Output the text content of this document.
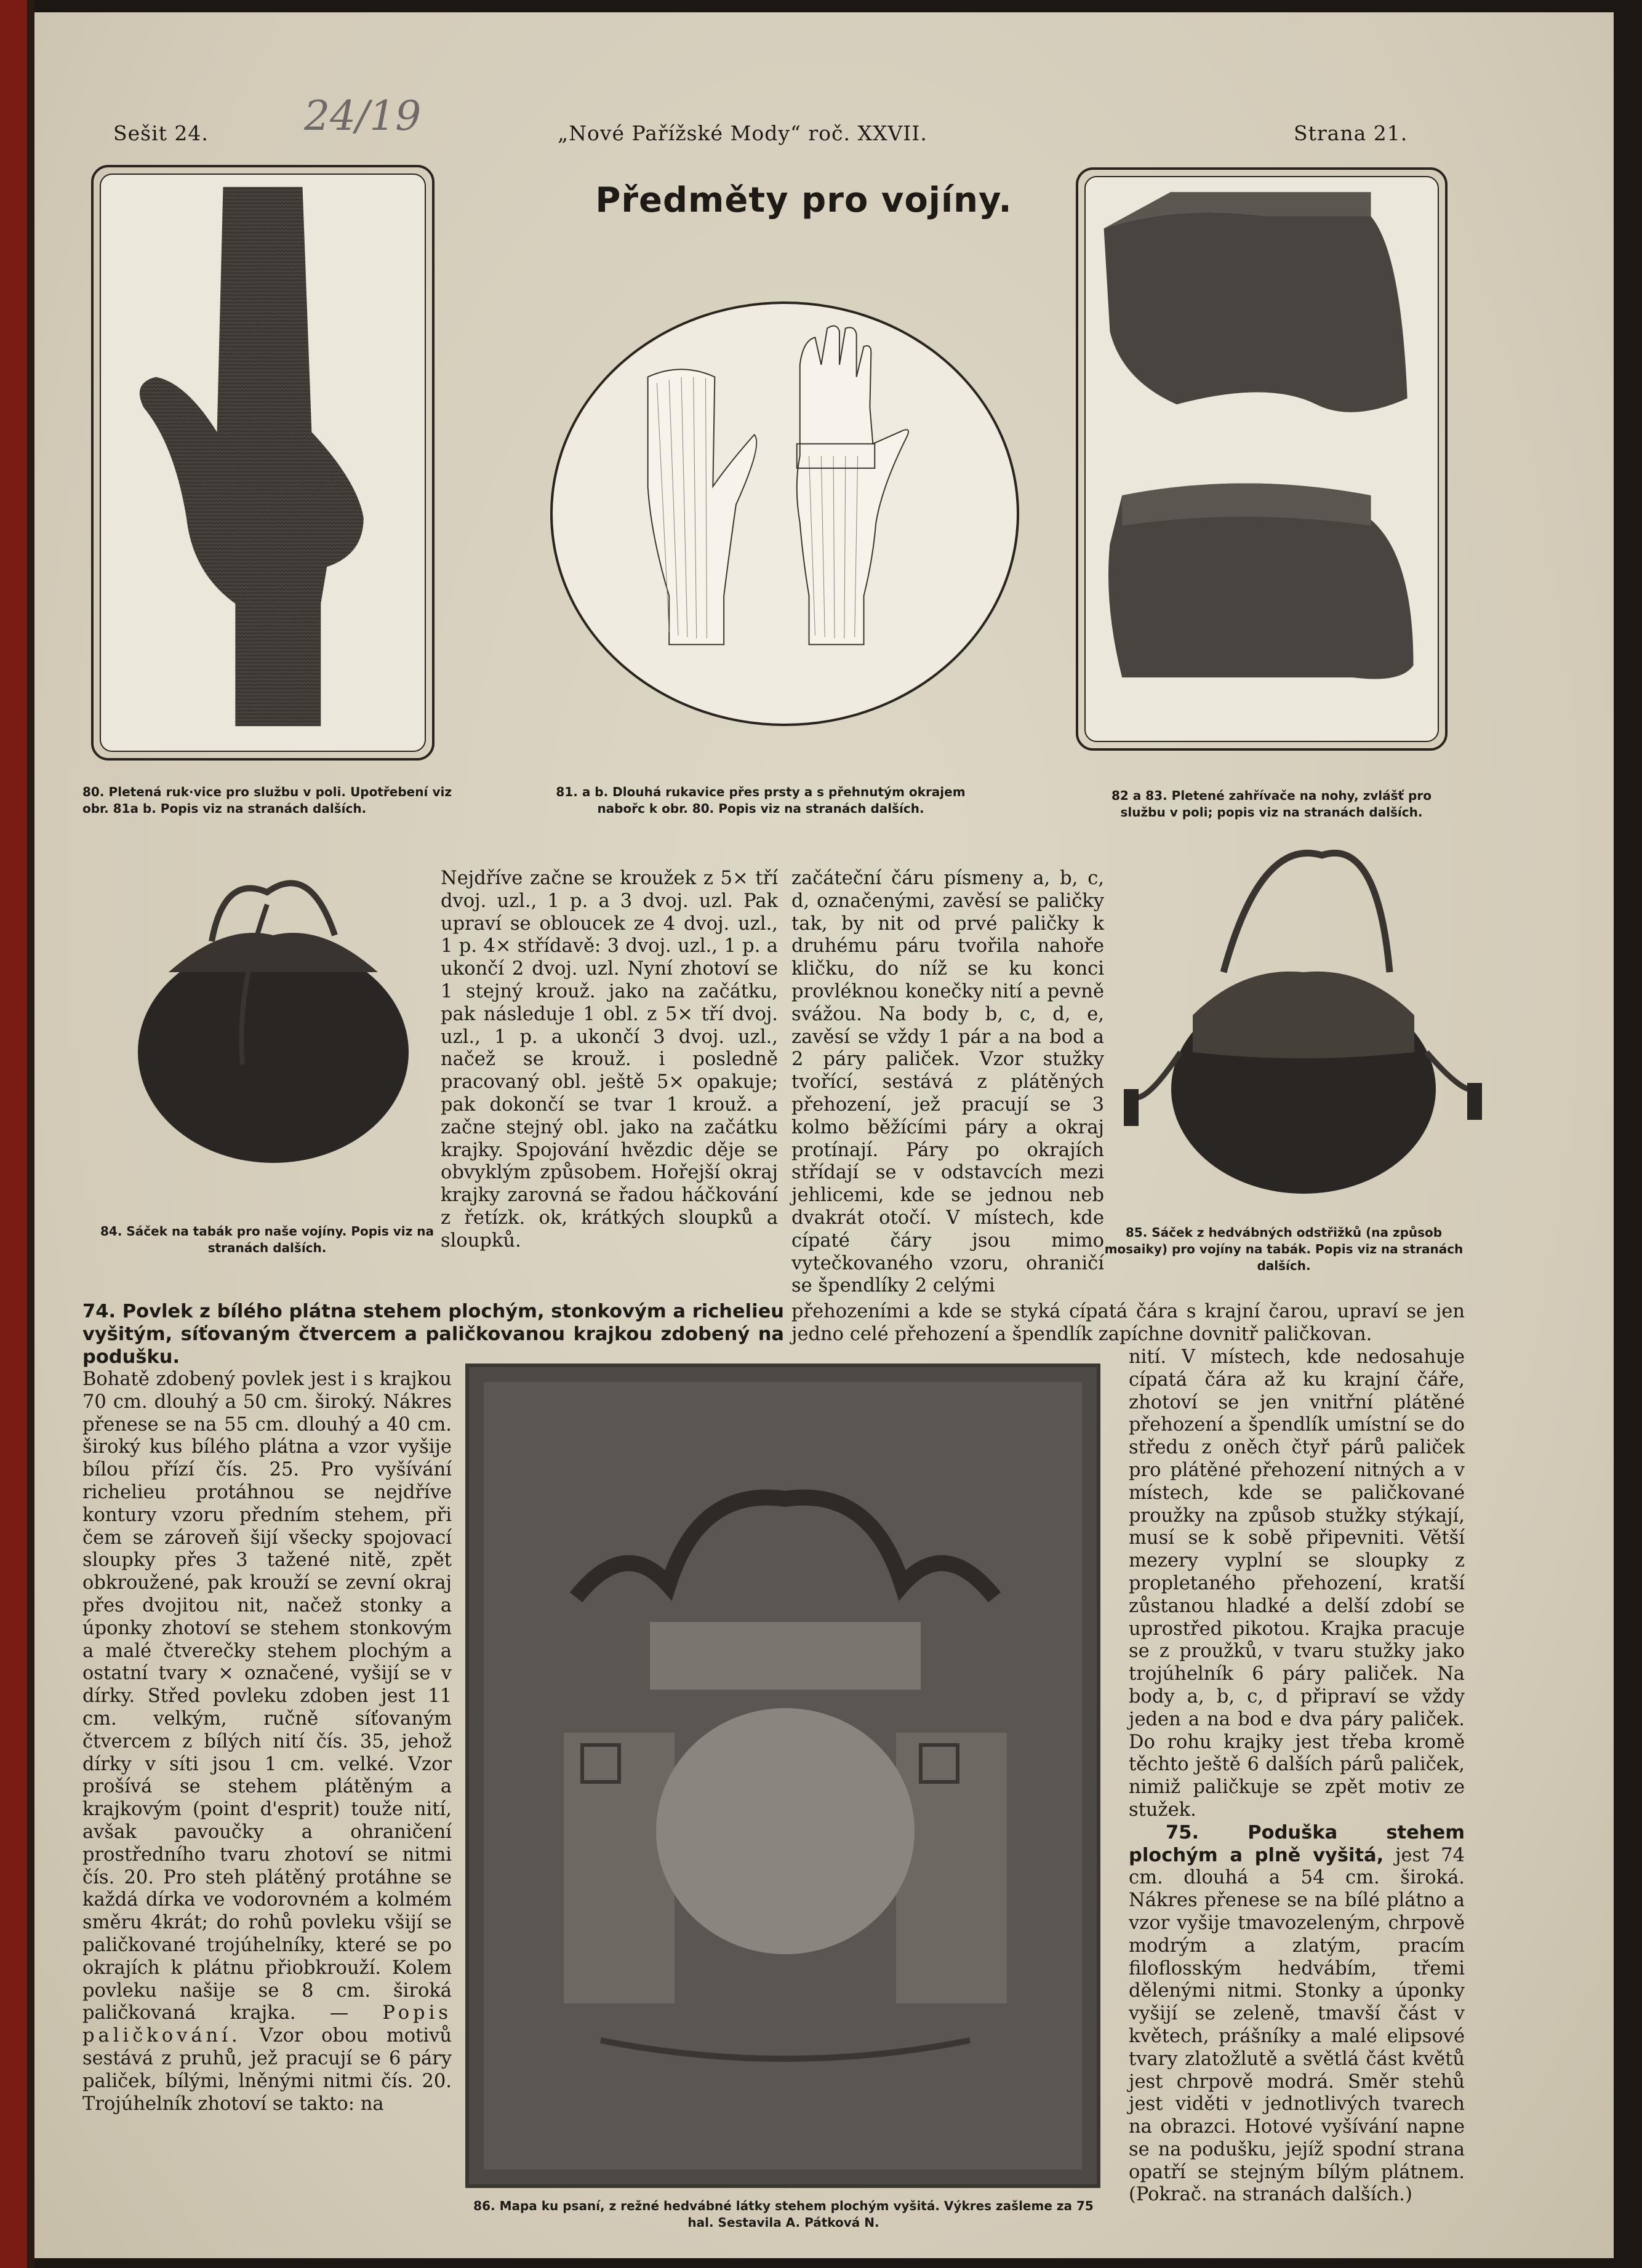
Sešit 24. 24/19	„Nové Pařížské Mody“ roč. XXVII.	Strana 21.
Předměty pro vojíny.
80. Pletená ruk·vice pro službu v poli. Upotřebení viz obr. 81a b. Popis viz na stranách dalších.
81. a b. Dlouhá rukavice přes prsty a s přehnutým okrajem nabořc k obr. 80. Popis viz na stranách dalších.
82 a 83. Pletené zahřívače na nohy, zvlášť pro službu v poli; popis viz na stranách dalších.
84. Sáček na tabák pro naše vojíny. Popis viz na stranách dalších.
85. Sáček z hedvábných odstřižků (na způsob mosaiky) pro vojíny na tabák. Popis viz na stranách dalších.
Nejdříve začne se kroužek z 5× tří dvoj. uzl., 1 p. a 3 dvoj. uzl. Pak upraví se obloucek ze 4 dvoj. uzl., 1 p. 4× střídavě: 3 dvoj. uzl., 1 p. a ukončí 2 dvoj. uzl. Nyní zhotoví se 1 stejný krouž. jako na začátku, pak následuje 1 obl. z 5× tří dvoj. uzl., 1 p. a ukončí 3 dvoj. uzl., načež se krouž. i posledně pracovaný obl. ještě 5× opakuje; pak dokončí se tvar 1 krouž. a začne stejný obl. jako na začátku krajky. Spojování hvězdic děje se obvyklým způsobem. Hořejší okraj krajky zarovná se řadou háčkování z řetízk. ok, krátkých sloupků a sloupků.
začáteční čáru písmeny a, b, c, d, označenými, zavěsí se paličky tak, by nit od prvé paličky k druhému páru tvořila nahoře kličku, do níž se ku konci provléknou konečky nití a pevně svážou. Na body b, c, d, e, zavěsí se vždy 1 pár a na bod a 2 páry paliček. Vzor stužky tvořící, sestává z plátěných přehození, jež pracují se 3 kolmo běžícími páry a okraj protínají. Páry po okrajích střídají se v odstavcích mezi jehlicemi, kde se jednou neb dvakrát otočí. V místech, kde cípaté čáry jsou mimo vytečkovaného vzoru, ohraničí se špendlíky 2 celými
přehozeními a kde se styká cípatá čára s krajní čarou, upraví se jen jedno celé přehození a špendlík zapíchne dovnitř paličkovan.
74. Povlek z bílého plátna stehem plochým, stonkovým a richelieu vyšitým, síťovaným čtvercem a paličkovanou krajkou zdobený na podušku.
Bohatě zdobený povlek jest i s krajkou 70 cm. dlouhý a 50 cm. široký. Nákres přenese se na 55 cm. dlouhý a 40 cm. široký kus bílého plátna a vzor vyšije bílou přízí čís. 25. Pro vyšívání richelieu protáhnou se nejdříve kontury vzoru předním stehem, při čem se zároveň šijí všecky spojovací sloupky přes 3 tažené nitě, zpět obkroužené, pak krouží se zevní okraj přes dvojitou nit, načež stonky a úponky zhotoví se stehem stonkovým a malé čtverečky stehem plochým a ostatní tvary × označené, vyšijí se v dírky. Střed povleku zdoben jest 11 cm. velkým, ručně síťovaným čtvercem z bílých nití čís. 35, jehož dírky v síti jsou 1 cm. velké. Vzor prošívá se stehem plátěným a krajkovým (point d'esprit) touže nití, avšak pavoučky a ohraničení prostředního tvaru zhotoví se nitmi čís. 20. Pro steh plátěný protáhne se každá dírka ve vodorovném a kolmém směru 4krát; do rohů povleku všijí se paličkované trojúhelníky, které se po okrajích k plátnu přiobkrouží. Kolem povleku našije se 8 cm. široká paličkovaná krajka. — Popis paličkování. Vzor obou motivů sestává z pruhů, jež pracují se 6 páry paliček, bílými, lněnými nitmi čís. 20. Trojúhelník zhotoví se takto: na
86. Mapa ku psaní, z režné hedvábné látky stehem plochým vyšitá. Výkres zašleme za 75 hal. Sestavila A. Pátková N.

nití. V místech, kde nedosahuje cípatá čára až ku krajní čáře, zhotoví se jen vnitřní plátěné přehození a špendlík umístní se do středu z oněch čtyř párů paliček pro plátěné přehození nitných a v místech, kde se paličkované proužky na způsob stužky stýkají, musí se k sobě připevniti. Větší mezery vyplní se sloupky z propletaného přehození, kratší zůstanou hladké a delší zdobí se uprostřed pikotou. Krajka pracuje se z proužků, v tvaru stužky jako trojúhelník 6 páry paliček. Na body a, b, c, d připraví se vždy jeden a na bod e dva páry paliček. Do rohu krajky jest třeba kromě těchto ještě 6 dalších párů paliček, nimiž paličkuje se zpět motiv ze stužek.

75. Poduška stehem plochým a plně vyšitá, jest 74 cm. dlouhá a 54 cm. široká. Nákres přenese se na bílé plátno a vzor vyšije tmavozeleným, chrpově modrým a zlatým, pracím filoflosským hedvábím, třemi dělenými nitmi. Stonky a úponky vyšijí se zeleně, tmavší část v květech, prášníky a malé elipsové tvary zlatožlutě a světlá část květů jest chrpově modrá. Směr stehů jest viděti v jednotlivých tvarech na obrazci. Hotové vyšívání napne se na podušku, jejíž spodní strana opatří se stejným bílým plátnem. (Pokrač. na stranách dalších.)
